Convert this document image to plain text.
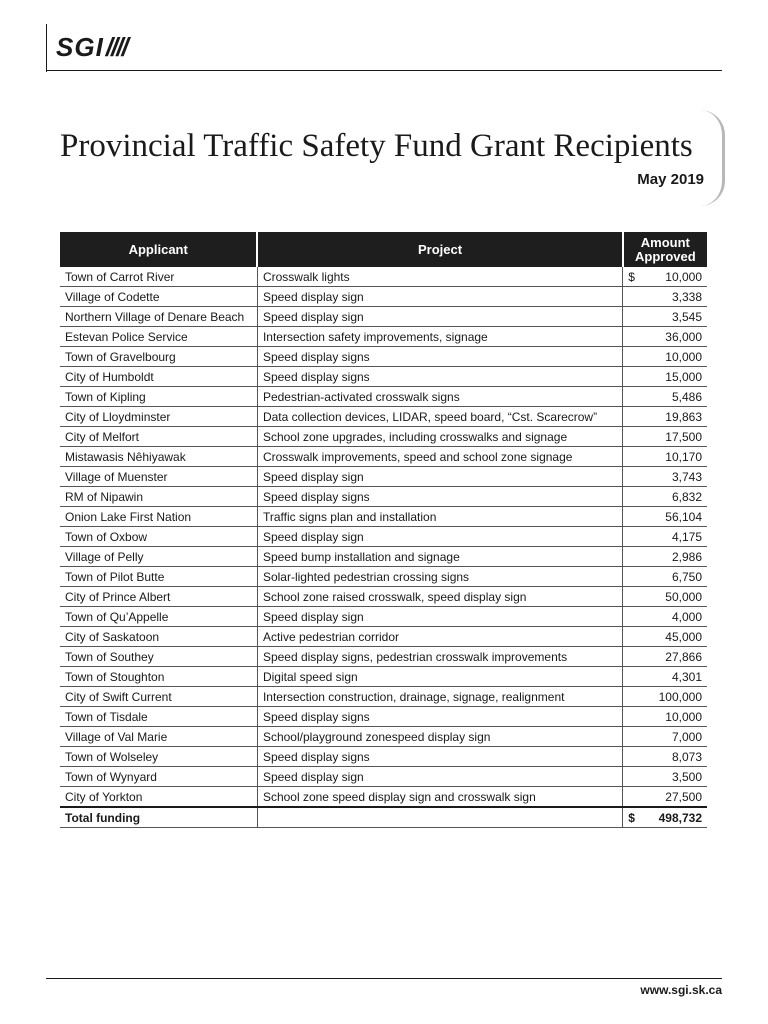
SGI////
Provincial Traffic Safety Fund Grant Recipients
May 2019
Applicant	Project	Amount
Approved
Town of Carrot River	Crosswalk lights	$ 10,000

Village of Codette	Speed display sign	3,338
Northern Village of Denare Beach	Speed display sign	3,545
Estevan Police Service	Intersection safety improvements, signage	36,000
Town of Gravelbourg	Speed display signs	10,000
City of Humboldt	Speed display signs	15,000
Town of Kipling	Pedestrian-activated crosswalk signs	5,486
City of Lloydminster	Data collection devices, LIDAR, speed board, “Cst. Scarecrow”	19,863
City of Melfort	School zone upgrades, including crosswalks and signage	17,500
Mistawasis Nêhiyawak	Crosswalk improvements, speed and school zone signage	10,170
Village of Muenster	Speed display sign	3,743
RM of Nipawin	Speed display signs	6,832
Onion Lake First Nation	Traffic signs plan and installation	56,104
Town of Oxbow	Speed display sign	4,175
Village of Pelly	Speed bump installation and signage	2,986
Town of Pilot Butte	Solar-lighted pedestrian crossing signs	6,750
City of Prince Albert	School zone raised crosswalk, speed display sign	50,000
Town of Qu’Appelle	Speed display sign	4,000
City of Saskatoon	Active pedestrian corridor	45,000
Town of Southey	Speed display signs, pedestrian crosswalk improvements	27,866
Town of Stoughton	Digital speed sign	4,301
City of Swift Current	Intersection construction, drainage, signage, realignment	100,000
Town of Tisdale	Speed display signs	10,000
Village of Val Marie	School/playground zonespeed display sign	7,000
Town of Wolseley	Speed display signs	8,073
Town of Wynyard	Speed display sign	3,500
City of Yorkton	School zone speed display sign and crosswalk sign	27,500
Total funding		$ 498,732
www.sgi.sk.ca
